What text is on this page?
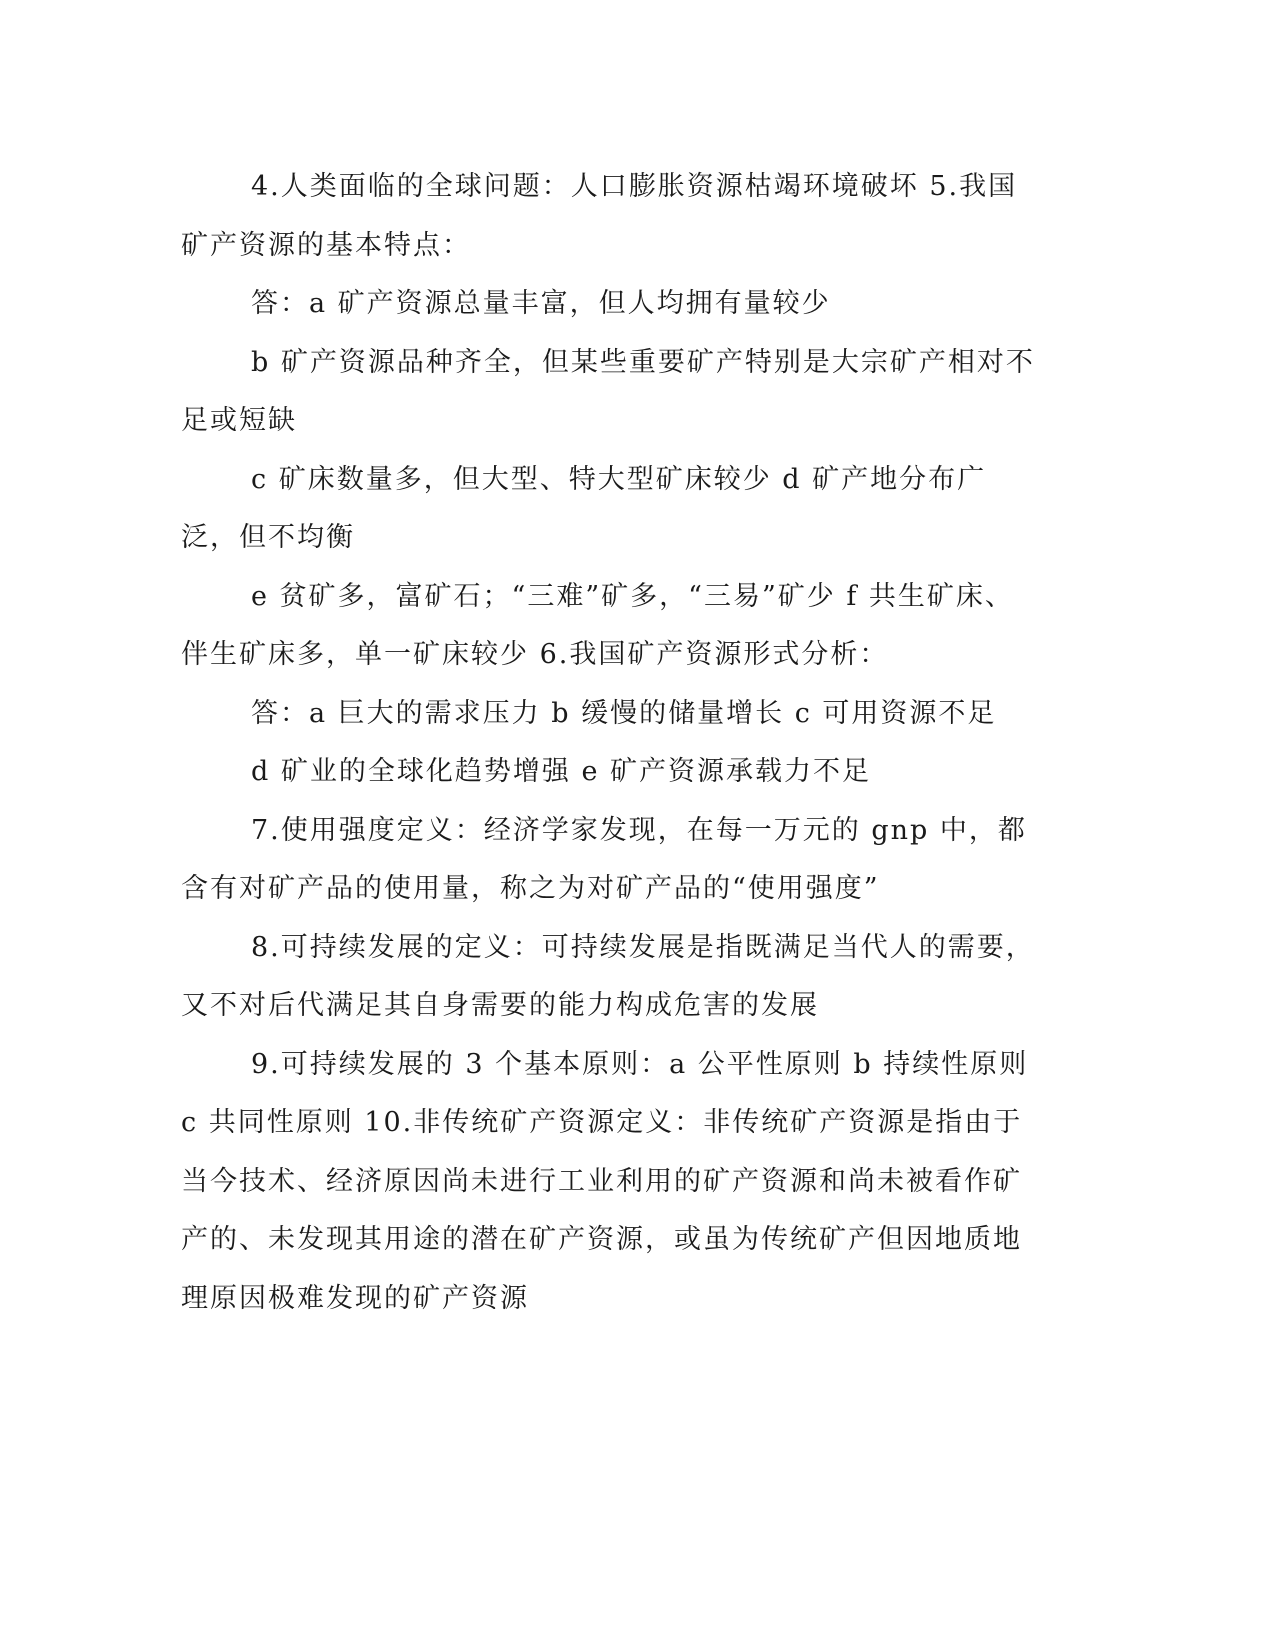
4.人类面临的全球问题：人口膨胀资源枯竭环境破坏 5.我国矿产资源的基本特点：

答：a 矿产资源总量丰富，但人均拥有量较少

b 矿产资源品种齐全，但某些重要矿产特别是大宗矿产相对不足或短缺

c 矿床数量多，但大型、特大型矿床较少 d 矿产地分布广泛，但不均衡

e 贫矿多，富矿石；“三难”矿多，“三易”矿少 f 共生矿床、伴生矿床多，单一矿床较少 6.我国矿产资源形式分析：

答：a 巨大的需求压力 b 缓慢的储量增长 c 可用资源不足

d 矿业的全球化趋势增强 e 矿产资源承载力不足

7.使用强度定义：经济学家发现，在每一万元的 gnp 中，都含有对矿产品的使用量，称之为对矿产品的“使用强度”

8.可持续发展的定义：可持续发展是指既满足当代人的需要，又不对后代满足其自身需要的能力构成危害的发展

9.可持续发展的 3 个基本原则：a 公平性原则 b 持续性原则 c 共同性原则 10.非传统矿产资源定义：非传统矿产资源是指由于当今技术、经济原因尚未进行工业利用的矿产资源和尚未被看作矿产的、未发现其用途的潜在矿产资源，或虽为传统矿产但因地质地理原因极难发现的矿产资源
